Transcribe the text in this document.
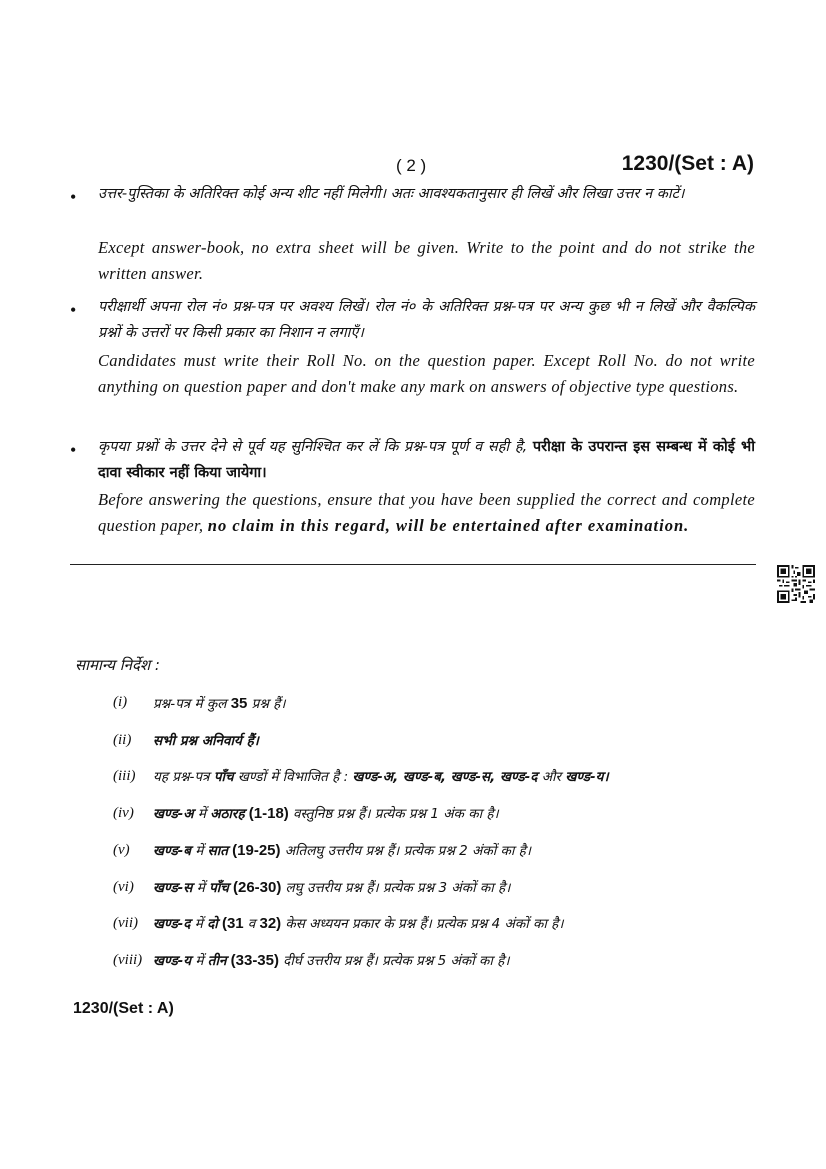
( 2 )	1230/(Set : A)
• उत्तर-पुस्तिका के अतिरिक्त कोई अन्य शीट नहीं मिलेगी। अतः आवश्यकतानुसार ही लिखें और लिखा उत्तर न काटें।
Except answer-book, no extra sheet will be given. Write to the point and do not strike the written answer.
• परीक्षार्थी अपना रोल नं० प्रश्न-पत्र पर अवश्य लिखें। रोल नं० के अतिरिक्त प्रश्न-पत्र पर अन्य कुछ भी न लिखें और वैकल्पिक प्रश्नों के उत्तरों पर किसी प्रकार का निशान न लगाएँ।
Candidates must write their Roll No. on the question paper. Except Roll No. do not write anything on question paper and don't make any mark on answers of objective type questions.
• कृपया प्रश्नों के उत्तर देने से पूर्व यह सुनिश्चित कर लें कि प्रश्न-पत्र पूर्ण व सही है, परीक्षा के उपरान्त इस सम्बन्ध में कोई भी दावा स्वीकार नहीं किया जायेगा।
Before answering the questions, ensure that you have been supplied the correct and complete question paper, no claim in this regard, will be entertained after examination.
सामान्य निर्देश :
(i) प्रश्न-पत्र में कुल 35 प्रश्न हैं।
(ii) सभी प्रश्न अनिवार्य हैं।
(iii) यह प्रश्न-पत्र पाँच खण्डों में विभाजित है : खण्ड-अ, खण्ड-ब, खण्ड-स, खण्ड-द और खण्ड-य।
(iv) खण्ड-अ में अठारह (1-18) वस्तुनिष्ठ प्रश्न हैं। प्रत्येक प्रश्न 1 अंक का है।
(v) खण्ड-ब में सात (19-25) अतिलघु उत्तरीय प्रश्न हैं। प्रत्येक प्रश्न 2 अंकों का है।
(vi) खण्ड-स में पाँच (26-30) लघु उत्तरीय प्रश्न हैं। प्रत्येक प्रश्न 3 अंकों का है।
(vii) खण्ड-द में दो (31 व 32) केस अध्ययन प्रकार के प्रश्न हैं। प्रत्येक प्रश्न 4 अंकों का है।
(viii) खण्ड-य में तीन (33-35) दीर्घ उत्तरीय प्रश्न हैं। प्रत्येक प्रश्न 5 अंकों का है।
1230/(Set : A)
